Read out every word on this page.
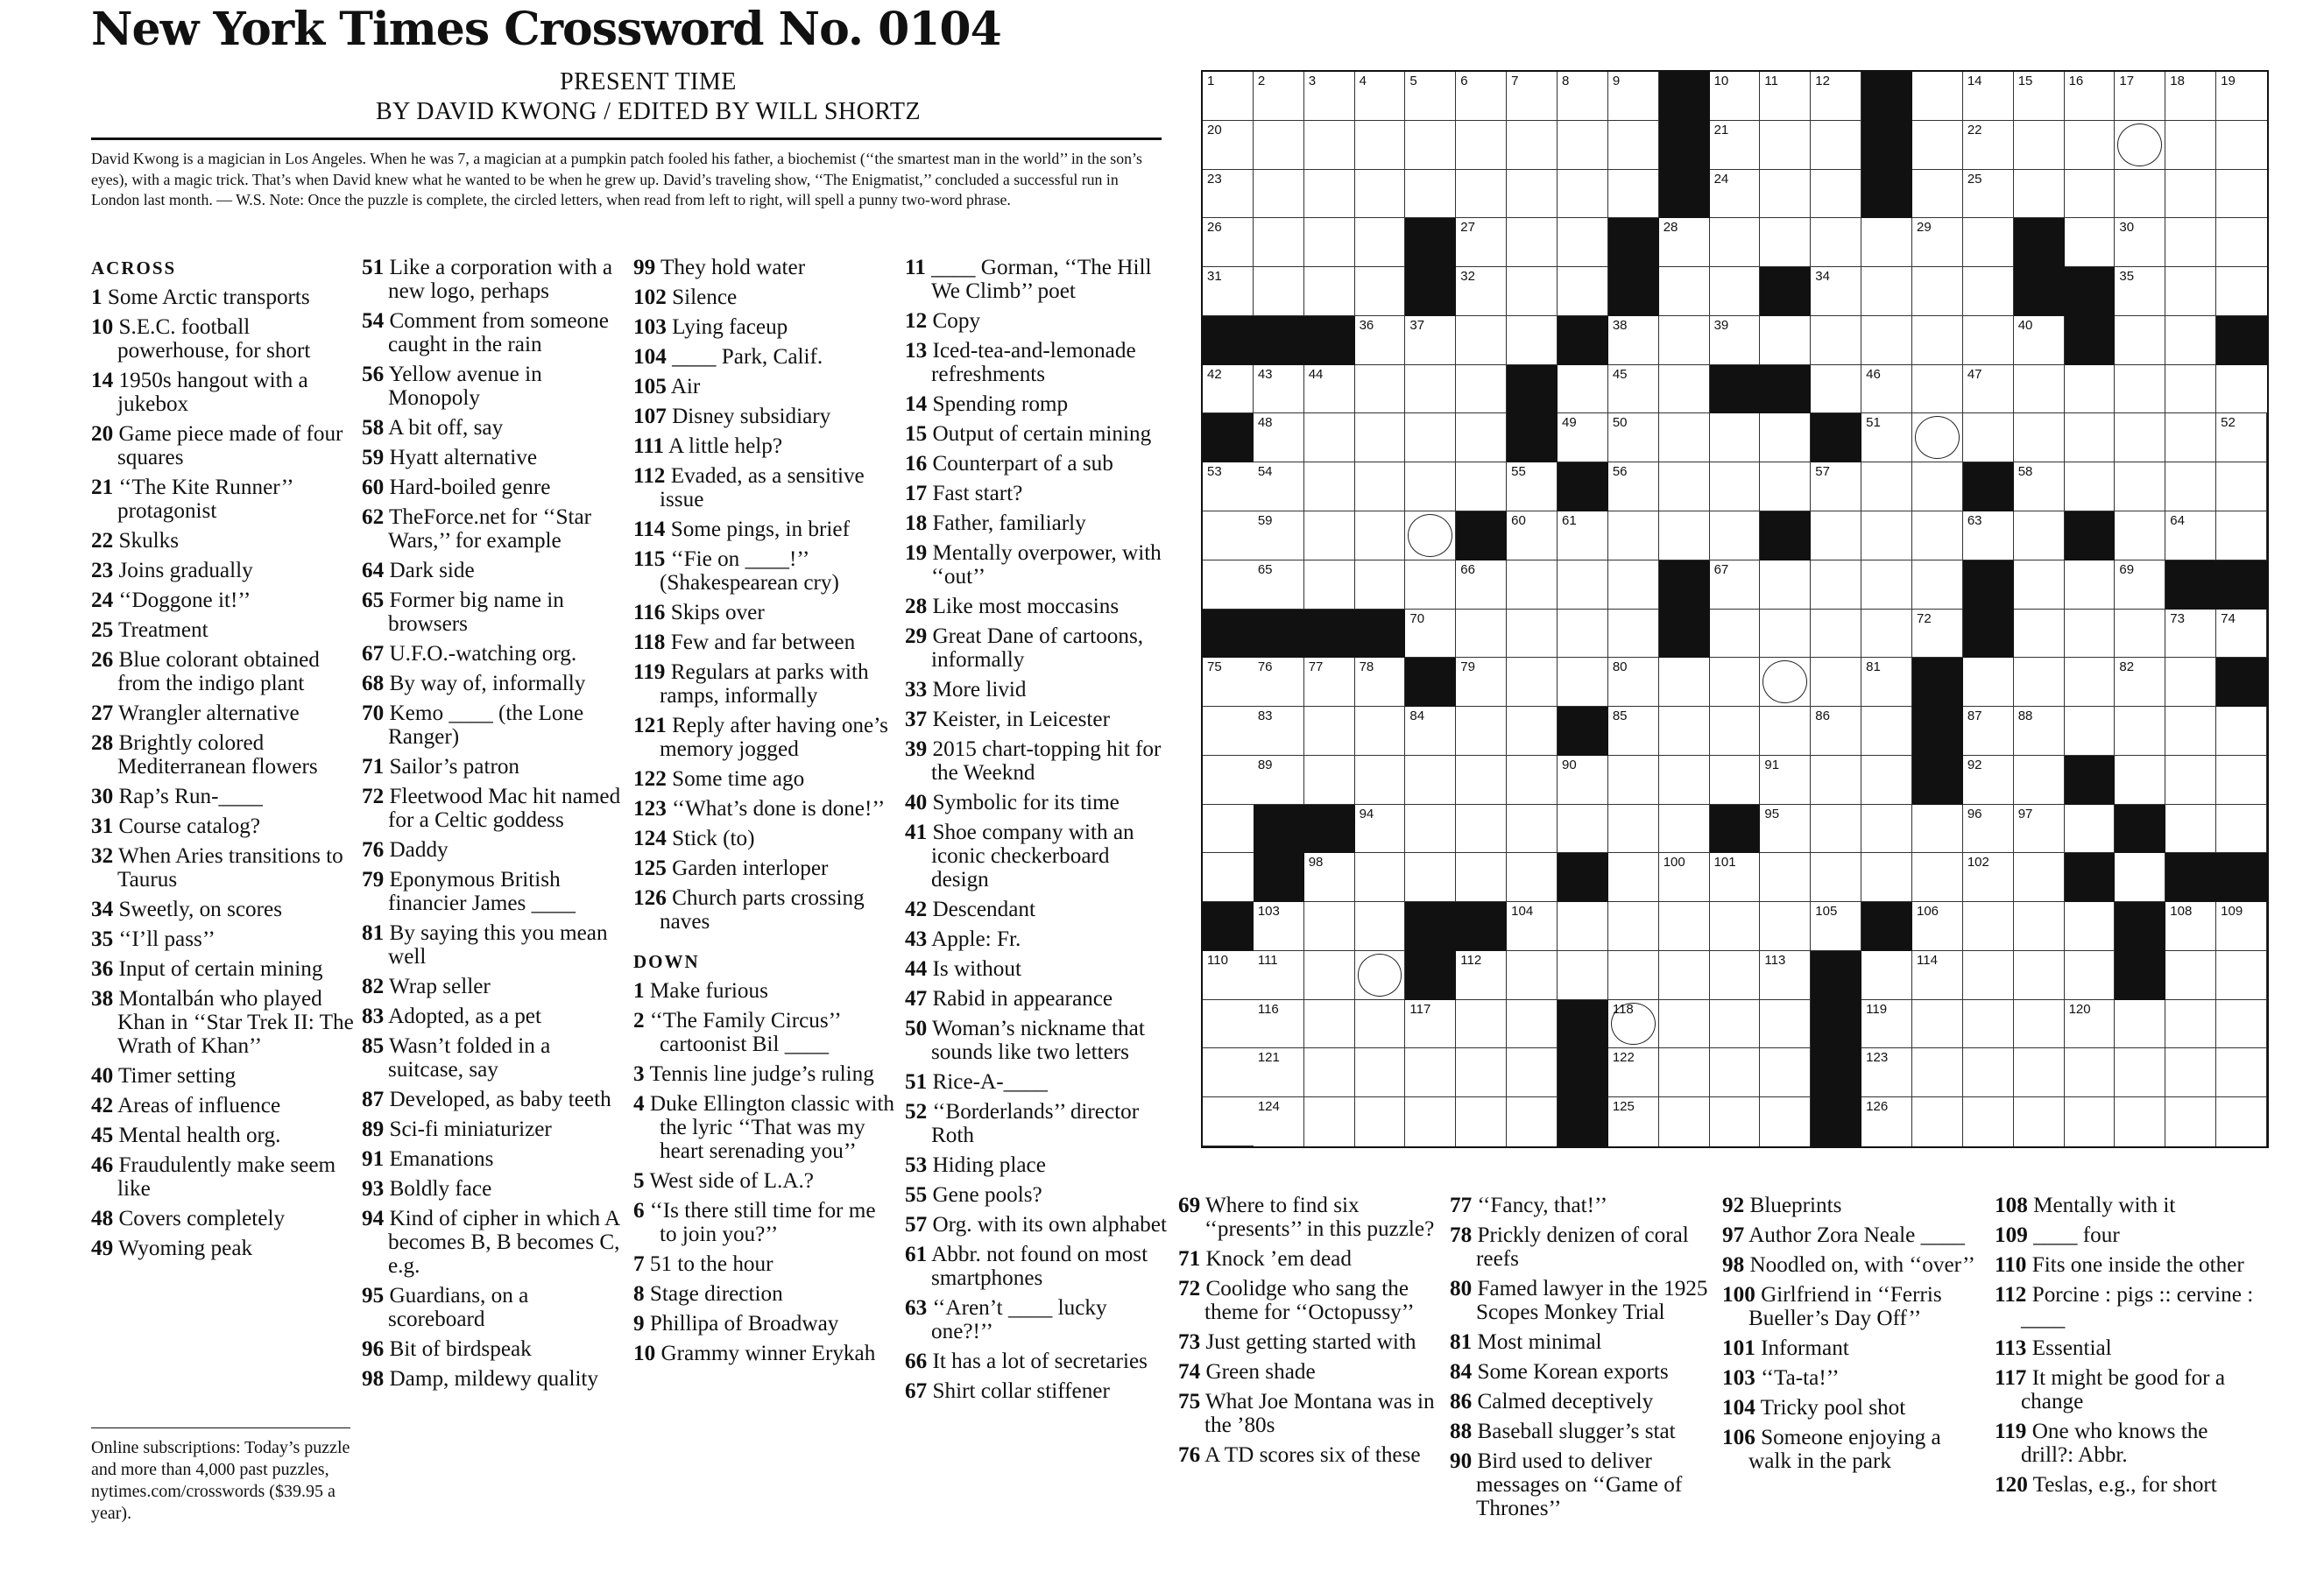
New York Times Crossword No. 0104
PRESENT TIME
BY DAVID KWONG / EDITED BY WILL SHORTZ
David Kwong is a magician in Los Angeles. When he was 7, a magician at a pumpkin patch fooled his father, a biochemist (‘‘the smartest man in the world’’ in the son’s eyes), with a magic trick. That’s when David knew what he wanted to be when he grew up. David’s traveling show, ‘‘The Enigmatist,’’ concluded a successful run in London last month. — W.S. Note: Once the puzzle is complete, the circled letters, when read from left to right, will spell a punny two-word phrase.
ACROSS
1 Some Arctic transports
10 S.E.C. football powerhouse, for short
14 1950s hangout with a jukebox
20 Game piece made of four squares
21 ‘‘The Kite Runner’’ protagonist
22 Skulks
23 Joins gradually
24 ‘‘Doggone it!’’
25 Treatment
26 Blue colorant obtained from the indigo plant
27 Wrangler alternative
28 Brightly colored Mediterranean flowers
30 Rap’s Run-____
31 Course catalog?
32 When Aries transitions to Taurus
34 Sweetly, on scores
35 ‘‘I’ll pass’’
36 Input of certain mining
38 Montalbán who played Khan in ‘‘Star Trek II: The Wrath of Khan’’
40 Timer setting
42 Areas of influence
45 Mental health org.
46 Fraudulently make seem like
48 Covers completely
49 Wyoming peak
51 Like a corporation with a new logo, perhaps
54 Comment from someone caught in the rain
56 Yellow avenue in Monopoly
58 A bit off, say
59 Hyatt alternative
60 Hard-boiled genre
62 TheForce.net for ‘‘Star Wars,’’ for example
64 Dark side
65 Former big name in browsers
67 U.F.O.-watching org.
68 By way of, informally
70 Kemo ____ (the Lone Ranger)
71 Sailor’s patron
72 Fleetwood Mac hit named for a Celtic goddess
76 Daddy
79 Eponymous British financier James ____
81 By saying this you mean well
82 Wrap seller
83 Adopted, as a pet
85 Wasn’t folded in a suitcase, say
87 Developed, as baby teeth
89 Sci-fi miniaturizer
91 Emanations
93 Boldly face
94 Kind of cipher in which A becomes B, B becomes C, e.g.
95 Guardians, on a scoreboard
96 Bit of birdspeak
98 Damp, mildewy quality
99 They hold water
102 Silence
103 Lying faceup
104 ____ Park, Calif.
105 Air
107 Disney subsidiary
111 A little help?
112 Evaded, as a sensitive issue
114 Some pings, in brief
115 ‘‘Fie on ____!’’ (Shakespearean cry)
116 Skips over
118 Few and far between
119 Regulars at parks with ramps, informally
121 Reply after having one’s memory jogged
122 Some time ago
123 ‘‘What’s done is done!’’
124 Stick (to)
125 Garden interloper
126 Church parts crossing naves
DOWN
1 Make furious
2 ‘‘The Family Circus’’ cartoonist Bil ____
3 Tennis line judge’s ruling
4 Duke Ellington classic with the lyric ‘‘That was my heart serenading you’’
5 West side of L.A.?
6 ‘‘Is there still time for me to join you?’’
7 51 to the hour
8 Stage direction
9 Phillipa of Broadway
10 Grammy winner Erykah
11 ____ Gorman, ‘‘The Hill We Climb’’ poet
12 Copy
13 Iced-tea-and-lemonade refreshments
14 Spending romp
15 Output of certain mining
16 Counterpart of a sub
17 Fast start?
18 Father, familiarly
19 Mentally overpower, with ‘‘out’’
28 Like most moccasins
29 Great Dane of cartoons, informally
33 More livid
37 Keister, in Leicester
39 2015 chart-topping hit for the Weeknd
40 Symbolic for its time
41 Shoe company with an iconic checkerboard design
42 Descendant
43 Apple: Fr.
44 Is without
47 Rabid in appearance
50 Woman’s nickname that sounds like two letters
51 Rice-A-____
52 ‘‘Borderlands’’ director Roth
53 Hiding place
55 Gene pools?
57 Org. with its own alphabet
61 Abbr. not found on most smartphones
63 ‘‘Aren’t ____ lucky one?!’’
66 It has a lot of secretaries
67 Shirt collar stiffener
69 Where to find six ‘‘presents’’ in this puzzle?
71 Knock ’em dead
72 Coolidge who sang the theme for ‘‘Octopussy’’
73 Just getting started with
74 Green shade
75 What Joe Montana was in the ’80s
76 A TD scores six of these
77 ‘‘Fancy, that!’’
78 Prickly denizen of coral reefs
80 Famed lawyer in the 1925 Scopes Monkey Trial
81 Most minimal
84 Some Korean exports
86 Calmed deceptively
88 Baseball slugger’s stat
90 Bird used to deliver messages on ‘‘Game of Thrones’’
92 Blueprints
97 Author Zora Neale ____
98 Noodled on, with ‘‘over’’
100 Girlfriend in ‘‘Ferris Bueller’s Day Off’’
101 Informant
103 ‘‘Ta-ta!’’
104 Tricky pool shot
106 Someone enjoying a walk in the park
108 Mentally with it
109 ____ four
110 Fits one inside the other
112 Porcine : pigs :: cervine : ____
113 Essential
117 It might be good for a change
119 One who knows the drill?: Abbr.
120 Teslas, e.g., for short
Online subscriptions: Today’s puzzle and more than 4,000 past puzzles, nytimes.com/crosswords ($39.95 a year).
1	2	3	4	5	6	7	8	9	10	11	12	14	15	16	17	18	19
20	21	22
23	24	25
26	27	28	29	30
31	32	34	35
36	37	38	39	40
42	43	44	45	46	47
48	49	50	51	52
53	54	55	56	57	58
59	60	61	63	64
65	66	67	69
70	72	73	74
75	76	77	78	79	80	81	82
83	84	85	86	87	88
89	90	91	92
94	95	96	97
98	100 101	102
103	104	105	106	108 109
110 111	112	113	114
116	117	118	119	120
121	122	123
124	125	126
